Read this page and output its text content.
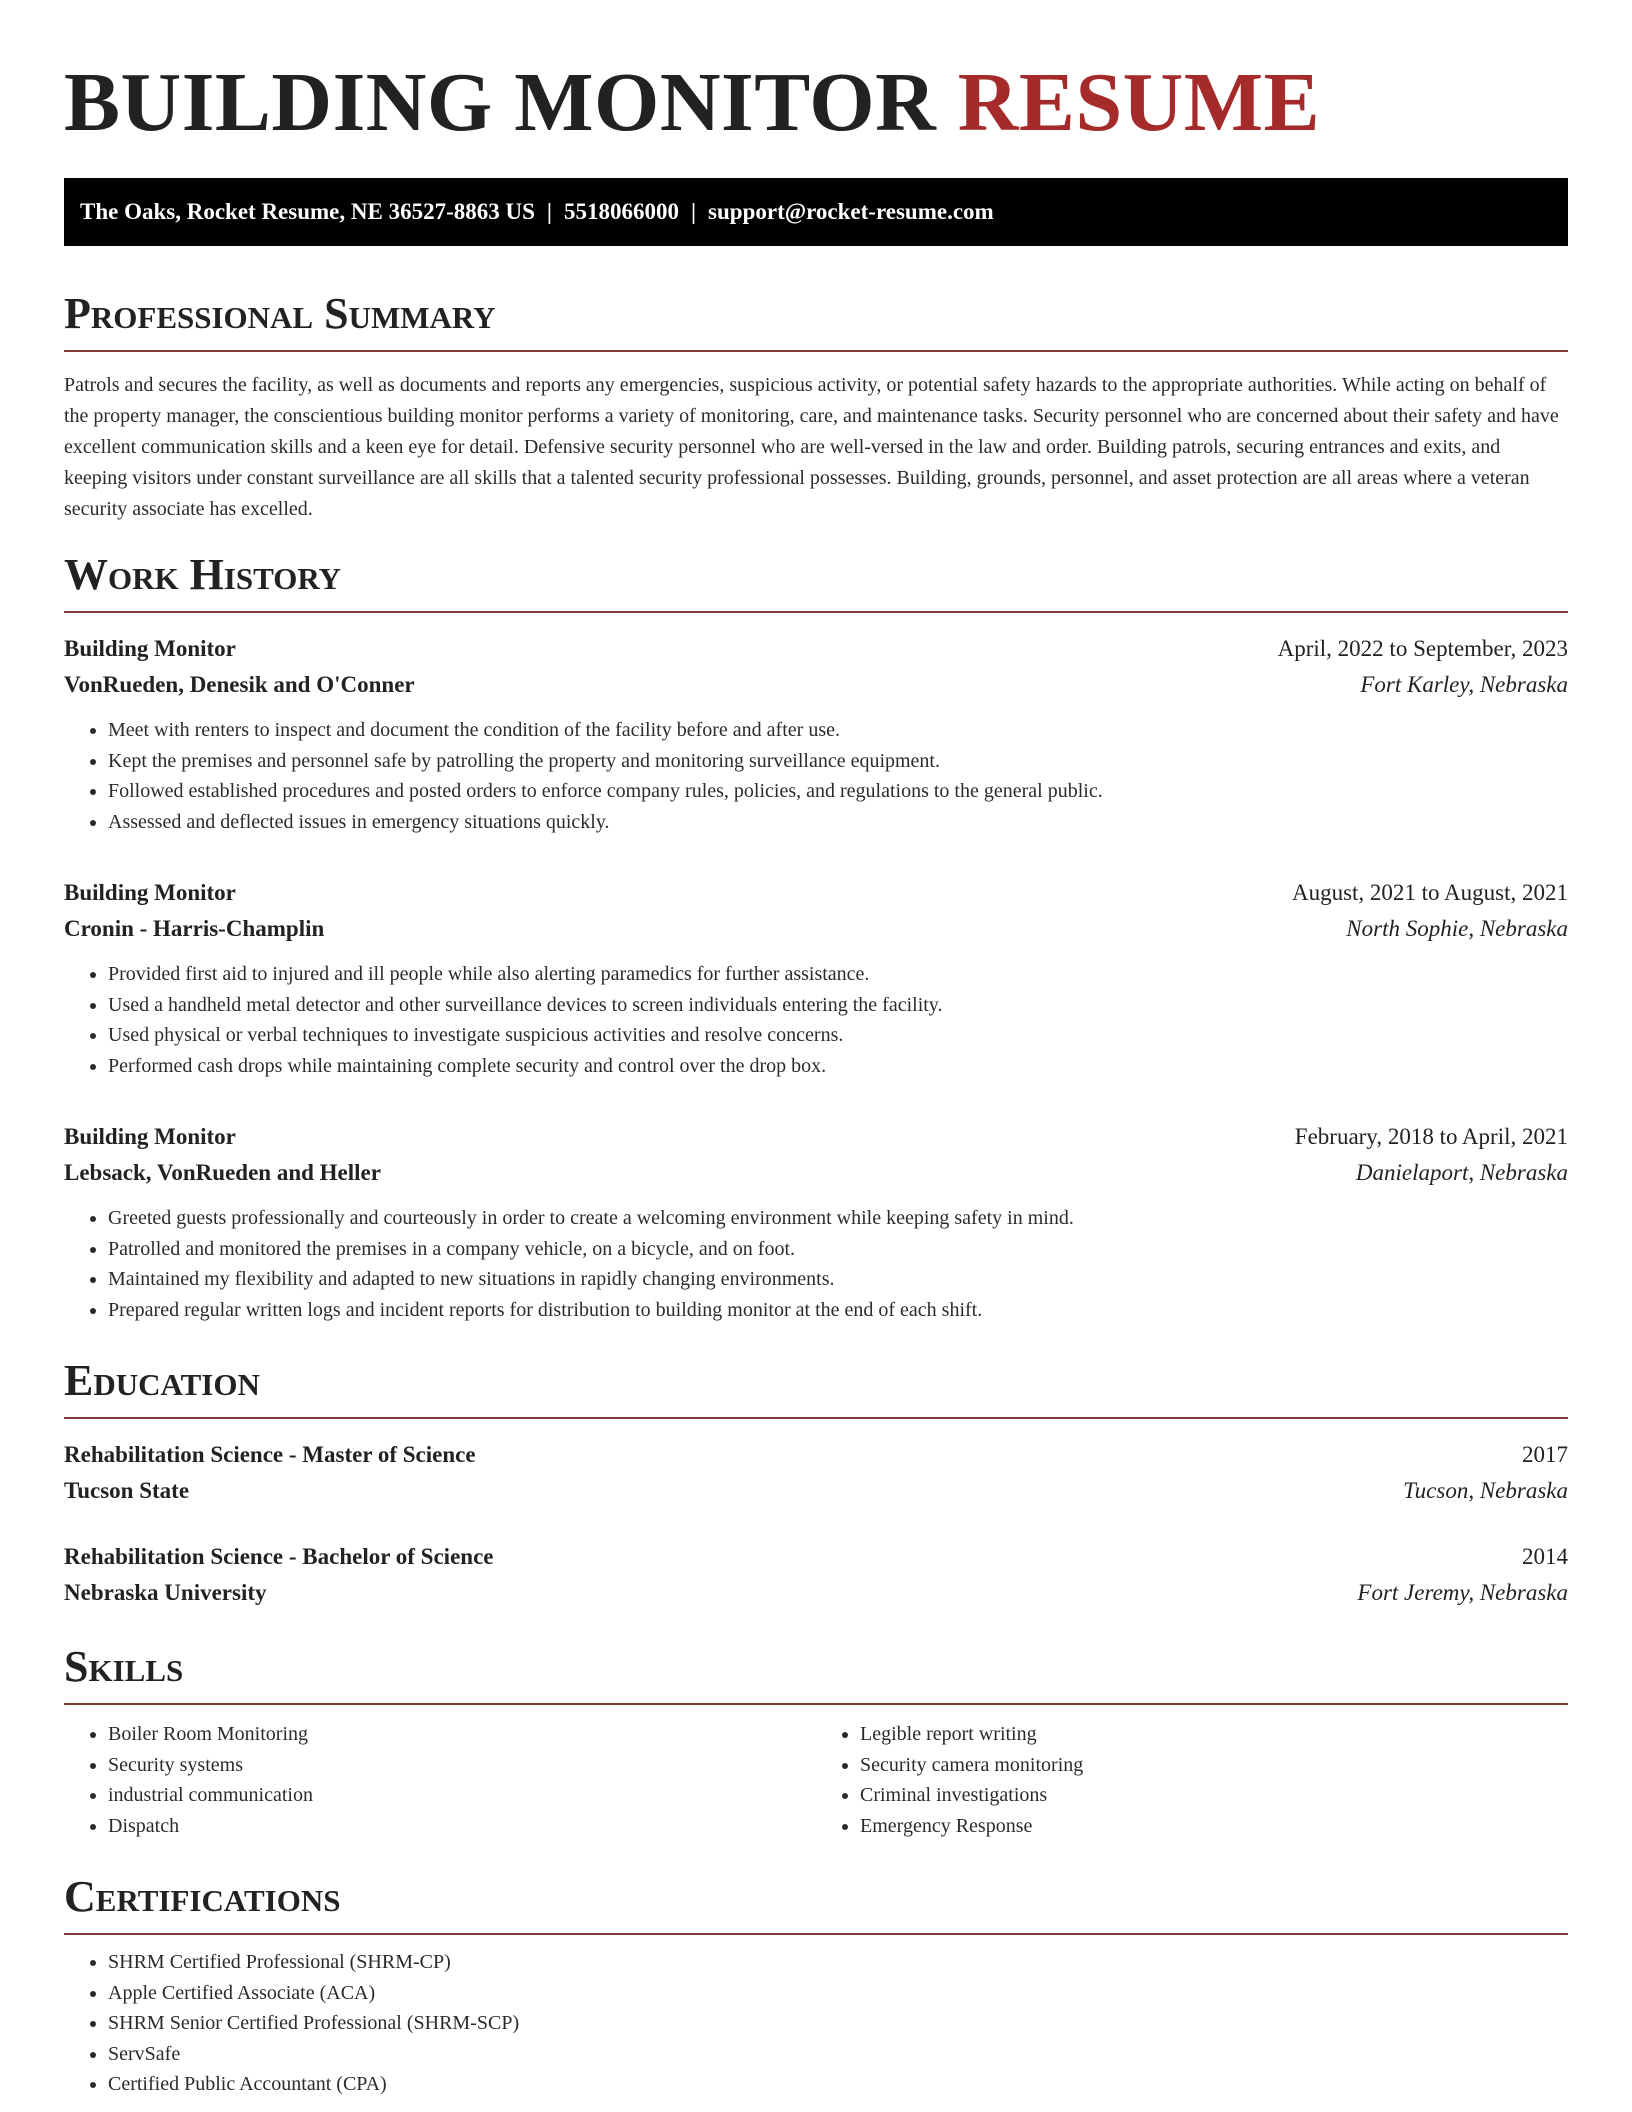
BUILDING MONITOR RESUME
The Oaks, Rocket Resume, NE 36527-8863 US | 5518066000 | support@rocket-resume.com
Professional Summary

Patrols and secures the facility, as well as documents and reports any emergencies, suspicious activity, or potential safety hazards to the appropriate authorities. While acting on behalf of the property manager, the conscientious building monitor performs a variety of monitoring, care, and maintenance tasks. Security personnel who are concerned about their safety and have excellent communication skills and a keen eye for detail. Defensive security personnel who are well-versed in the law and order. Building patrols, securing entrances and exits, and keeping visitors under constant surveillance are all skills that a talented security professional possesses. Building, grounds, personnel, and asset protection are all areas where a veteran security associate has excelled.

Work History
Building Monitor	April, 2022 to September, 2023
VonRueden, Denesik and O'Conner	Fort Karley, Nebraska
• Meet with renters to inspect and document the condition of the facility before and after use.
• Kept the premises and personnel safe by patrolling the property and monitoring surveillance equipment.
• Followed established procedures and posted orders to enforce company rules, policies, and regulations to the general public.
• Assessed and deflected issues in emergency situations quickly.
Building Monitor	August, 2021 to August, 2021
Cronin - Harris-Champlin	North Sophie, Nebraska
• Provided first aid to injured and ill people while also alerting paramedics for further assistance.
• Used a handheld metal detector and other surveillance devices to screen individuals entering the facility.
• Used physical or verbal techniques to investigate suspicious activities and resolve concerns.
• Performed cash drops while maintaining complete security and control over the drop box.
Building Monitor	February, 2018 to April, 2021
Lebsack, VonRueden and Heller	Danielaport, Nebraska
• Greeted guests professionally and courteously in order to create a welcoming environment while keeping safety in mind.
• Patrolled and monitored the premises in a company vehicle, on a bicycle, and on foot.
• Maintained my flexibility and adapted to new situations in rapidly changing environments.
• Prepared regular written logs and incident reports for distribution to building monitor at the end of each shift.
Education
Rehabilitation Science - Master of Science	2017
Tucson State	Tucson, Nebraska
Rehabilitation Science - Bachelor of Science	2014
Nebraska University	Fort Jeremy, Nebraska
Skills
• Boiler Room Monitoring
• Security systems
• industrial communication
• Dispatch
• Legible report writing
• Security camera monitoring
• Criminal investigations
• Emergency Response
Certifications
• SHRM Certified Professional (SHRM-CP)
• Apple Certified Associate (ACA)
• SHRM Senior Certified Professional (SHRM-SCP)
• ServSafe
• Certified Public Accountant (CPA)
